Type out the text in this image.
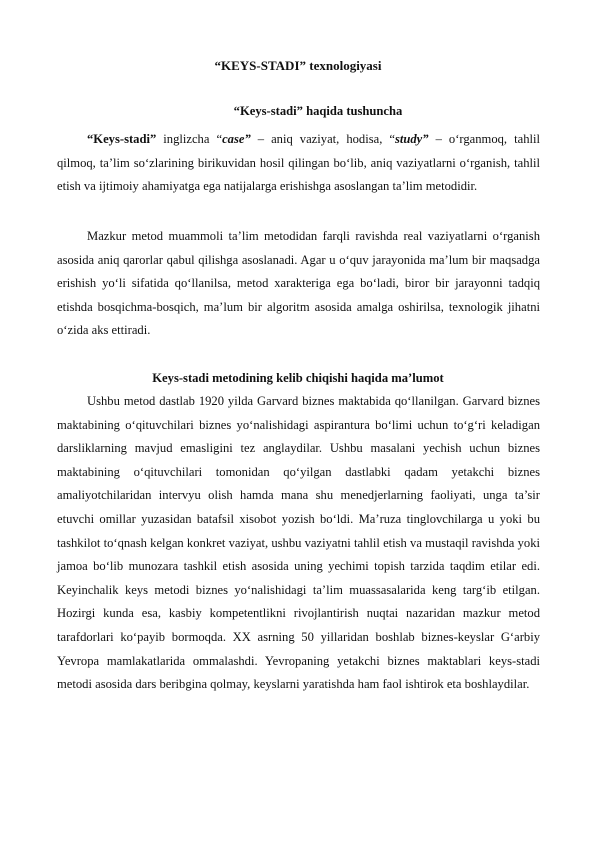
“KEYS-STADI” texnologiyasi
“Keys-stadi” haqida tushuncha

“Keys-stadi” inglizcha “case” – aniq vaziyat, hodisa, “study” – o‘rganmoq, tahlil qilmoq, ta’lim so‘zlarining birikuvidan hosil qilingan bo‘lib, aniq vaziyatlarni o‘rganish, tahlil etish va ijtimoiy ahamiyatga ega natijalarga erishishga asoslangan ta’lim metodidir.

Mazkur metod muammoli ta’lim metodidan farqli ravishda real vaziyatlarni o‘rganish asosida aniq qarorlar qabul qilishga asoslanadi. Agar u o‘quv jarayonida ma’lum bir maqsadga erishish yo‘li sifatida qo‘llanilsa, metod xarakteriga ega bo‘ladi, biror bir jarayonni tadqiq etishda bosqichma-bosqich, ma’lum bir algoritm asosida amalga oshirilsa, texnologik jihatni o‘zida aks ettiradi.

Keys-stadi metodining kelib chiqishi haqida ma’lumot

Ushbu metod dastlab 1920 yilda Garvard biznes maktabida qo‘llanilgan. Garvard biznes maktabining o‘qituvchilari biznes yo‘nalishidagi aspirantura bo‘limi uchun to‘g‘ri keladigan darsliklarning mavjud emasligini tez anglaydilar. Ushbu masalani yechish uchun biznes maktabining o‘qituvchilari tomonidan qo‘yilgan dastlabki qadam yetakchi biznes amaliyotchilaridan intervyu olish hamda mana shu menedjerlarning faoliyati, unga ta’sir etuvchi omillar yuzasidan batafsil xisobot yozish bo‘ldi. Ma’ruza tinglovchilarga u yoki bu tashkilot to‘qnash kelgan konkret vaziyat, ushbu vaziyatni tahlil etish va mustaqil ravishda yoki jamoa bo‘lib munozara tashkil etish asosida uning yechimi topish tarzida taqdim etilar edi. Keyinchalik keys metodi biznes yo‘nalishidagi ta’lim muassasalarida keng targ‘ib etilgan. Hozirgi kunda esa, kasbiy kompetentlikni rivojlantirish nuqtai nazaridan mazkur metod tarafdorlari ko‘payib bormoqda. XX asrning 50 yillaridan boshlab biznes-keyslar G‘arbiy Yevropa mamlakatlarida ommalashdi. Yevropaning yetakchi biznes maktablari keys-stadi metodi asosida dars beribgina qolmay, keyslarni yaratishda ham faol ishtirok eta boshlaydilar.
